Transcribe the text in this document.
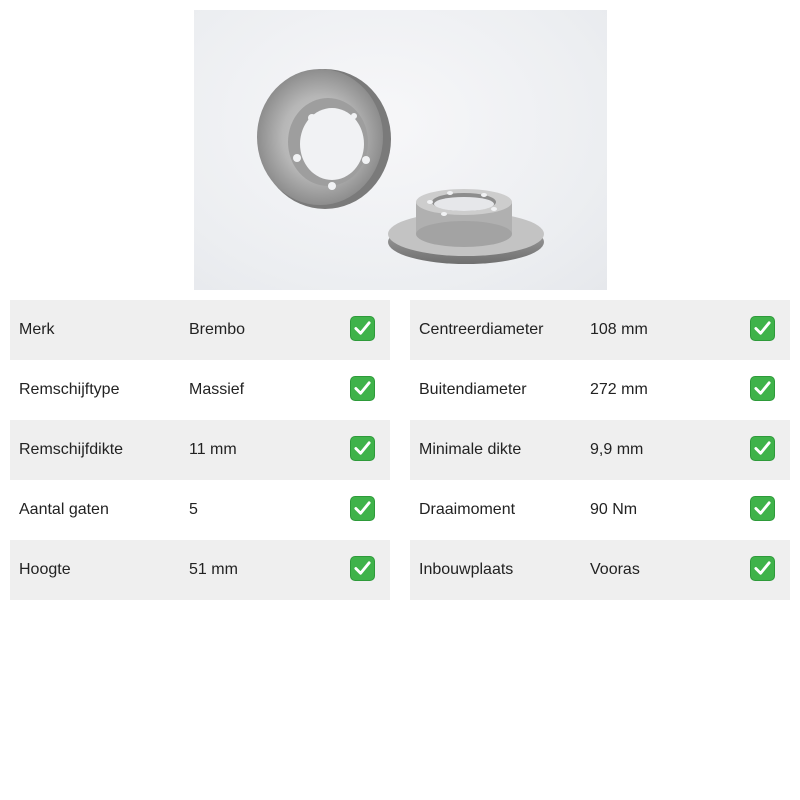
Merk	Brembo
Remschijftype	Massief
Remschijfdikte	11 mm
Aantal gaten	5
Hoogte	51 mm
Centreerdiameter	108 mm
Buitendiameter	272 mm
Minimale dikte	9,9 mm
Draaimoment	90 Nm
Inbouwplaats	Vooras
